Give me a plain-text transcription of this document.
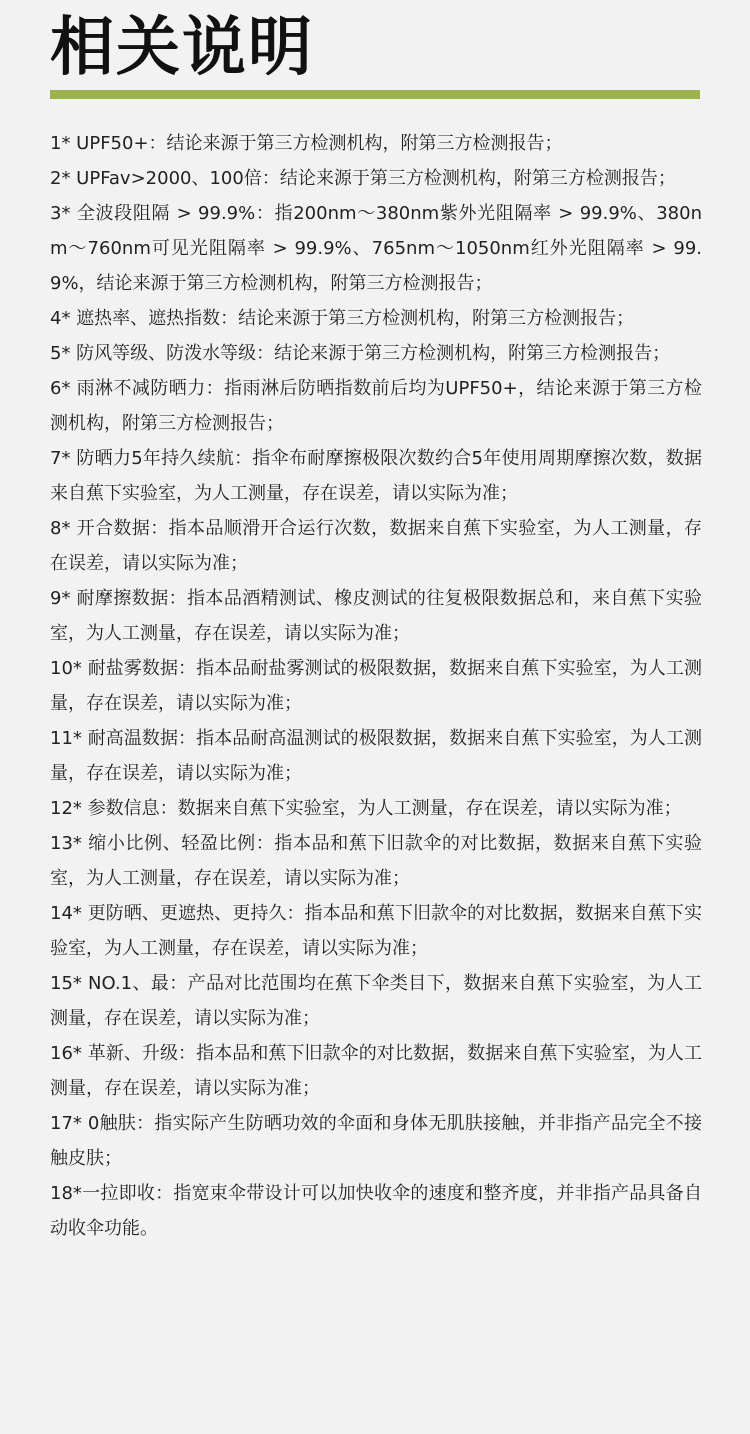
相关说明
1* UPF50+：结论来源于第三方检测机构，附第三方检测报告；
2* UPFav>2000、100倍：结论来源于第三方检测机构，附第三方检测报告；
3* 全波段阻隔 > 99.9%：指200nm～380nm紫外光阻隔率 > 99.9%、380nm～760nm可见光阻隔率 > 99.9%、765nm～1050nm红外光阻隔率 > 99.9%，结论来源于第三方检测机构，附第三方检测报告；
4* 遮热率、遮热指数：结论来源于第三方检测机构，附第三方检测报告；
5* 防风等级、防泼水等级：结论来源于第三方检测机构，附第三方检测报告；
6* 雨淋不减防晒力：指雨淋后防晒指数前后均为UPF50+，结论来源于第三方检测机构，附第三方检测报告；
7* 防晒力5年持久续航：指伞布耐摩擦极限次数约合5年使用周期摩擦次数，数据来自蕉下实验室，为人工测量，存在误差，请以实际为准；
8* 开合数据：指本品顺滑开合运行次数，数据来自蕉下实验室，为人工测量，存在误差，请以实际为准；
9* 耐摩擦数据：指本品酒精测试、橡皮测试的往复极限数据总和，来自蕉下实验室，为人工测量，存在误差，请以实际为准；
10* 耐盐雾数据：指本品耐盐雾测试的极限数据，数据来自蕉下实验室，为人工测量，存在误差，请以实际为准；
11* 耐高温数据：指本品耐高温测试的极限数据，数据来自蕉下实验室，为人工测量，存在误差，请以实际为准；
12* 参数信息：数据来自蕉下实验室，为人工测量，存在误差，请以实际为准；
13* 缩小比例、轻盈比例：指本品和蕉下旧款伞的对比数据，数据来自蕉下实验室，为人工测量，存在误差，请以实际为准；
14* 更防晒、更遮热、更持久：指本品和蕉下旧款伞的对比数据，数据来自蕉下实验室，为人工测量，存在误差，请以实际为准；
15* NO.1、最：产品对比范围均在蕉下伞类目下，数据来自蕉下实验室，为人工测量，存在误差，请以实际为准；
16* 革新、升级：指本品和蕉下旧款伞的对比数据，数据来自蕉下实验室，为人工测量，存在误差，请以实际为准；
17* 0触肤：指实际产生防晒功效的伞面和身体无肌肤接触，并非指产品完全不接触皮肤；
18*一拉即收：指宽束伞带设计可以加快收伞的速度和整齐度，并非指产品具备自动收伞功能。
